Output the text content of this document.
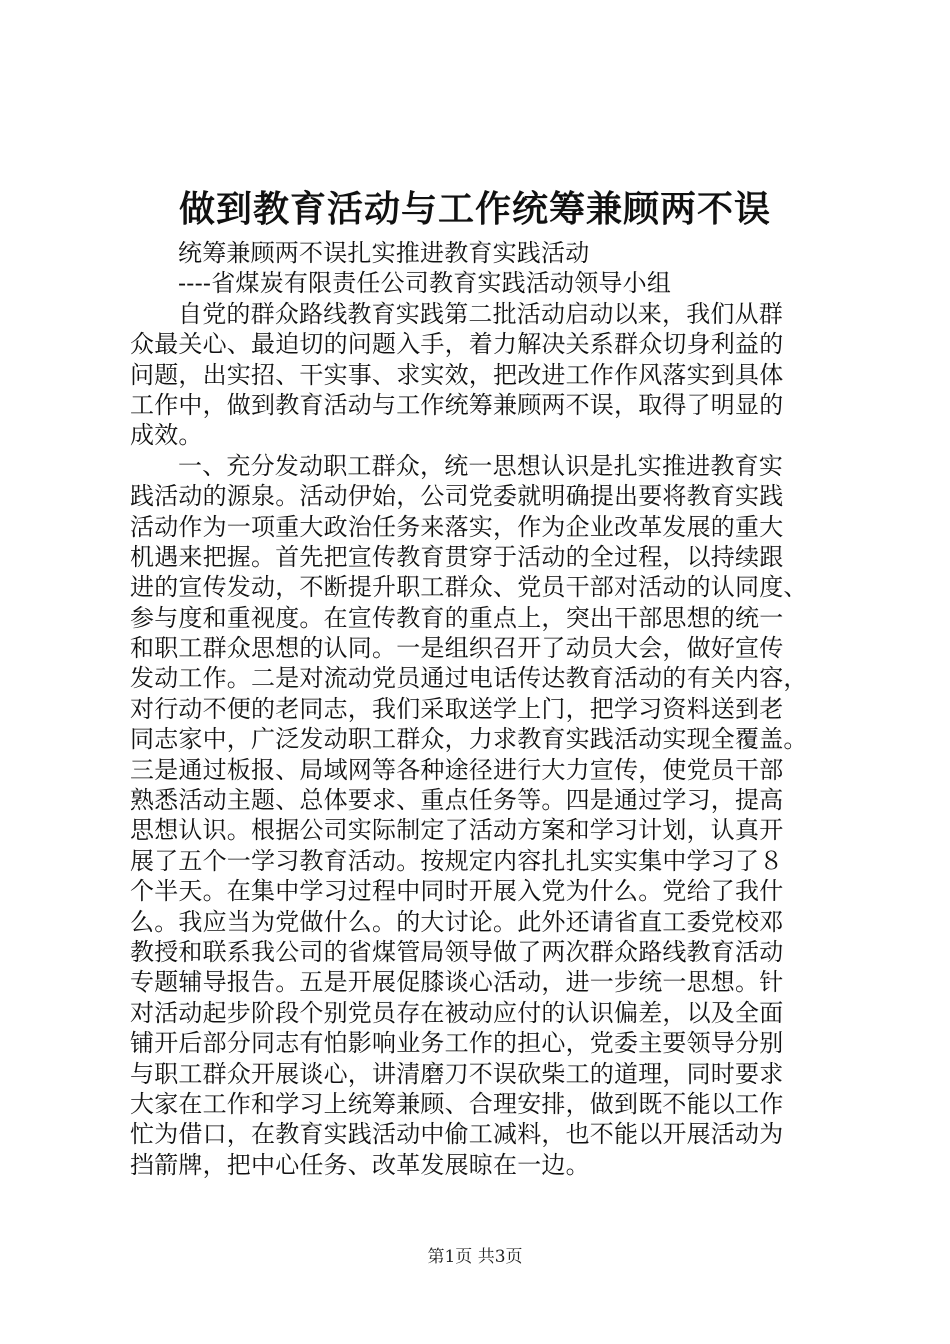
做到教育活动与工作统筹兼顾两不误
统筹兼顾两不误扎实推进教育实践活动
----省煤炭有限责任公司教育实践活动领导小组
自党的群众路线教育实践第二批活动启动以来，我们从群
众最关心、最迫切的问题入手，着力解决关系群众切身利益的
问题，出实招、干实事、求实效，把改进工作作风落实到具体
工作中，做到教育活动与工作统筹兼顾两不误，取得了明显的
成效。
一、充分发动职工群众，统一思想认识是扎实推进教育实
践活动的源泉。活动伊始，公司党委就明确提出要将教育实践
活动作为一项重大政治任务来落实，作为企业改革发展的重大
机遇来把握。首先把宣传教育贯穿于活动的全过程，以持续跟
进的宣传发动，不断提升职工群众、党员干部对活动的认同度、
参与度和重视度。在宣传教育的重点上，突出干部思想的统一
和职工群众思想的认同。一是组织召开了动员大会，做好宣传
发动工作。二是对流动党员通过电话传达教育活动的有关内容，
对行动不便的老同志，我们采取送学上门，把学习资料送到老
同志家中，广泛发动职工群众，力求教育实践活动实现全覆盖。
三是通过板报、局域网等各种途径进行大力宣传，使党员干部
熟悉活动主题、总体要求、重点任务等。四是通过学习，提高
思想认识。根据公司实际制定了活动方案和学习计划，认真开
展了五个一学习教育活动。按规定内容扎扎实实集中学习了８
个半天。在集中学习过程中同时开展入党为什么。党给了我什
么。我应当为党做什么。的大讨论。此外还请省直工委党校邓
教授和联系我公司的省煤管局领导做了两次群众路线教育活动
专题辅导报告。五是开展促膝谈心活动，进一步统一思想。针
对活动起步阶段个别党员存在被动应付的认识偏差，以及全面
铺开后部分同志有怕影响业务工作的担心，党委主要领导分别
与职工群众开展谈心，讲清磨刀不误砍柴工的道理，同时要求
大家在工作和学习上统筹兼顾、合理安排，做到既不能以工作
忙为借口，在教育实践活动中偷工减料，也不能以开展活动为
挡箭牌，把中心任务、改革发展晾在一边。
第1页 共3页
